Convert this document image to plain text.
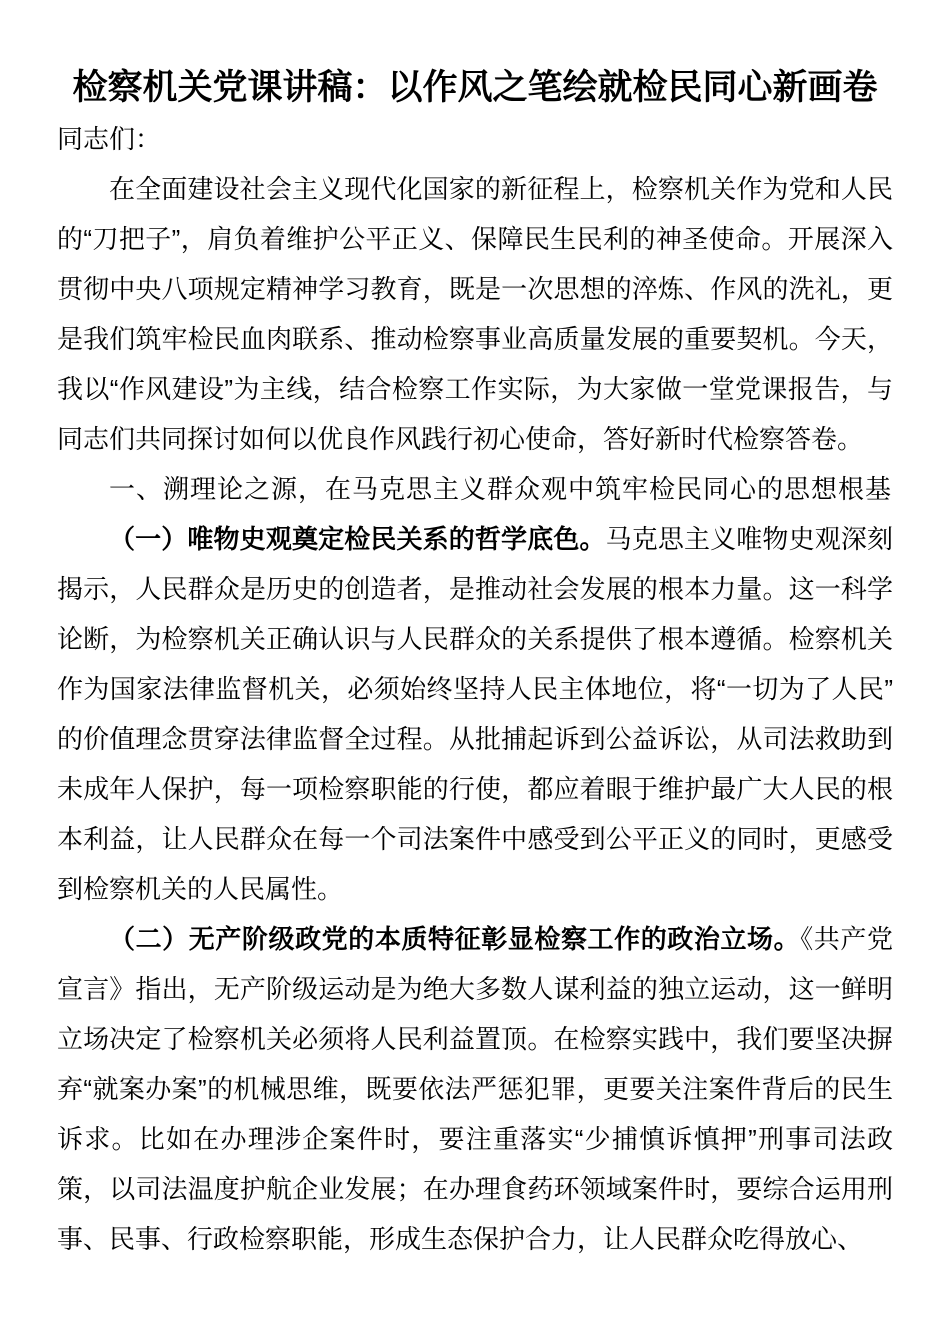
检察机关党课讲稿：以作风之笔绘就检民同心新画卷

同志们：

在全面建设社会主义现代化国家的新征程上，检察机关作为党和人民的“刀把子”，肩负着维护公平正义、保障民生民利的神圣使命。开展深入贯彻中央八项规定精神学习教育，既是一次思想的淬炼、作风的洗礼，更是我们筑牢检民血肉联系、推动检察事业高质量发展的重要契机。今天，我以“作风建设”为主线，结合检察工作实际，为大家做一堂党课报告，与同志们共同探讨如何以优良作风践行初心使命，答好新时代检察答卷。

一、溯理论之源，在马克思主义群众观中筑牢检民同心的思想根基

（一）唯物史观奠定检民关系的哲学底色。马克思主义唯物史观深刻揭示，人民群众是历史的创造者，是推动社会发展的根本力量。这一科学论断，为检察机关正确认识与人民群众的关系提供了根本遵循。检察机关作为国家法律监督机关，必须始终坚持人民主体地位，将“一切为了人民”的价值理念贯穿法律监督全过程。从批捕起诉到公益诉讼，从司法救助到未成年人保护，每一项检察职能的行使，都应着眼于维护最广大人民的根本利益，让人民群众在每一个司法案件中感受到公平正义的同时，更感受到检察机关的人民属性。

（二）无产阶级政党的本质特征彰显检察工作的政治立场。《共产党宣言》指出，无产阶级运动是为绝大多数人谋利益的独立运动，这一鲜明立场决定了检察机关必须将人民利益置顶。在检察实践中，我们要坚决摒弃“就案办案”的机械思维，既要依法严惩犯罪，更要关注案件背后的民生诉求。比如在办理涉企案件时，要注重落实“少捕慎诉慎押”刑事司法政策，以司法温度护航企业发展；在办理食药环领域案件时，要综合运用刑事、民事、行政检察职能，形成生态保护合力，让人民群众吃得放心、
